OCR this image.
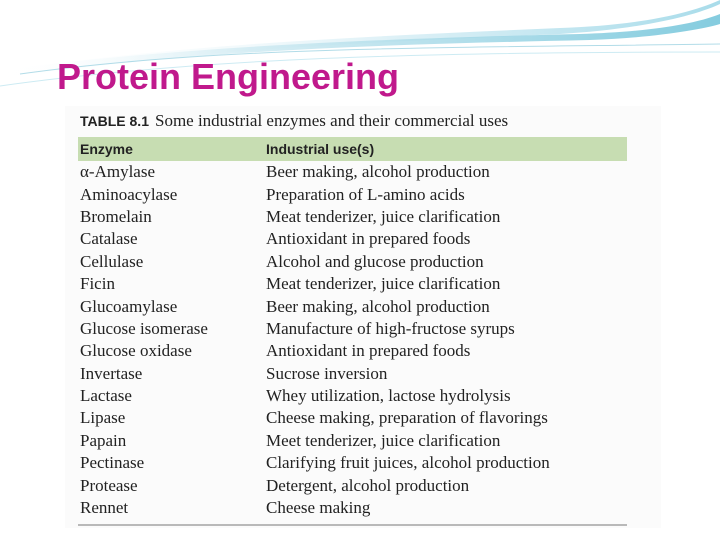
Protein Engineering
TABLE 8.1 Some industrial enzymes and their commercial uses
Enzyme	Industrial use(s)
α-Amylase	Beer making, alcohol production
Aminoacylase	Preparation of L-amino acids
Bromelain	Meat tenderizer, juice clarification
Catalase	Antioxidant in prepared foods
Cellulase	Alcohol and glucose production
Ficin	Meat tenderizer, juice clarification
Glucoamylase	Beer making, alcohol production
Glucose isomerase	Manufacture of high-fructose syrups
Glucose oxidase	Antioxidant in prepared foods
Invertase	Sucrose inversion
Lactase	Whey utilization, lactose hydrolysis
Lipase	Cheese making, preparation of flavorings
Papain	Meet tenderizer, juice clarification
Pectinase	Clarifying fruit juices, alcohol production
Protease	Detergent, alcohol production
Rennet	Cheese making
